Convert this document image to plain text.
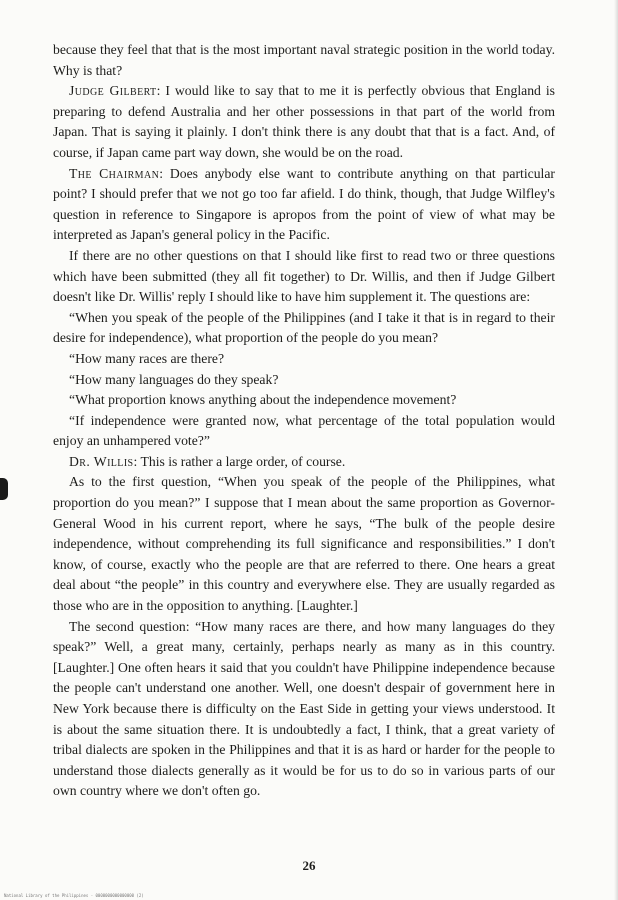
because they feel that that is the most important naval strategic position in the world today. Why is that?

Judge Gilbert: I would like to say that to me it is perfectly obvious that England is preparing to defend Australia and her other possessions in that part of the world from Japan. That is saying it plainly. I don't think there is any doubt that that is a fact. And, of course, if Japan came part way down, she would be on the road.

The Chairman: Does anybody else want to contribute anything on that particular point? I should prefer that we not go too far afield. I do think, though, that Judge Wilfley's question in reference to Singapore is apropos from the point of view of what may be interpreted as Japan's general policy in the Pacific.

If there are no other questions on that I should like first to read two or three questions which have been submitted (they all fit together) to Dr. Willis, and then if Judge Gilbert doesn't like Dr. Willis' reply I should like to have him supplement it. The questions are:

“When you speak of the people of the Philippines (and I take it that is in regard to their desire for independence), what proportion of the people do you mean?

“How many races are there?

“How many languages do they speak?

“What proportion knows anything about the independence movement?

“If independence were granted now, what percentage of the total population would enjoy an unhampered vote?”

Dr. Willis: This is rather a large order, of course.

As to the first question, “When you speak of the people of the Philippines, what proportion do you mean?” I suppose that I mean about the same proportion as Governor-General Wood in his current report, where he says, “The bulk of the people desire independence, without comprehending its full significance and responsibilities.” I don't know, of course, exactly who the people are that are referred to there. One hears a great deal about “the people” in this country and everywhere else. They are usually regarded as those who are in the opposition to anything. [Laughter.]

The second question: “How many races are there, and how many languages do they speak?” Well, a great many, certainly, perhaps nearly as many as in this country. [Laughter.] One often hears it said that you couldn't have Philippine independence because the people can't understand one another. Well, one doesn't despair of government here in New York because there is difficulty on the East Side in getting your views understood. It is about the same situation there. It is undoubtedly a fact, I think, that a great variety of tribal dialects are spoken in the Philippines and that it is as hard or harder for the people to understand those dialects generally as it would be for us to do so in various parts of our own country where we don't often go.

26
National Library of the Philippines · 0000000000000000 (2)
